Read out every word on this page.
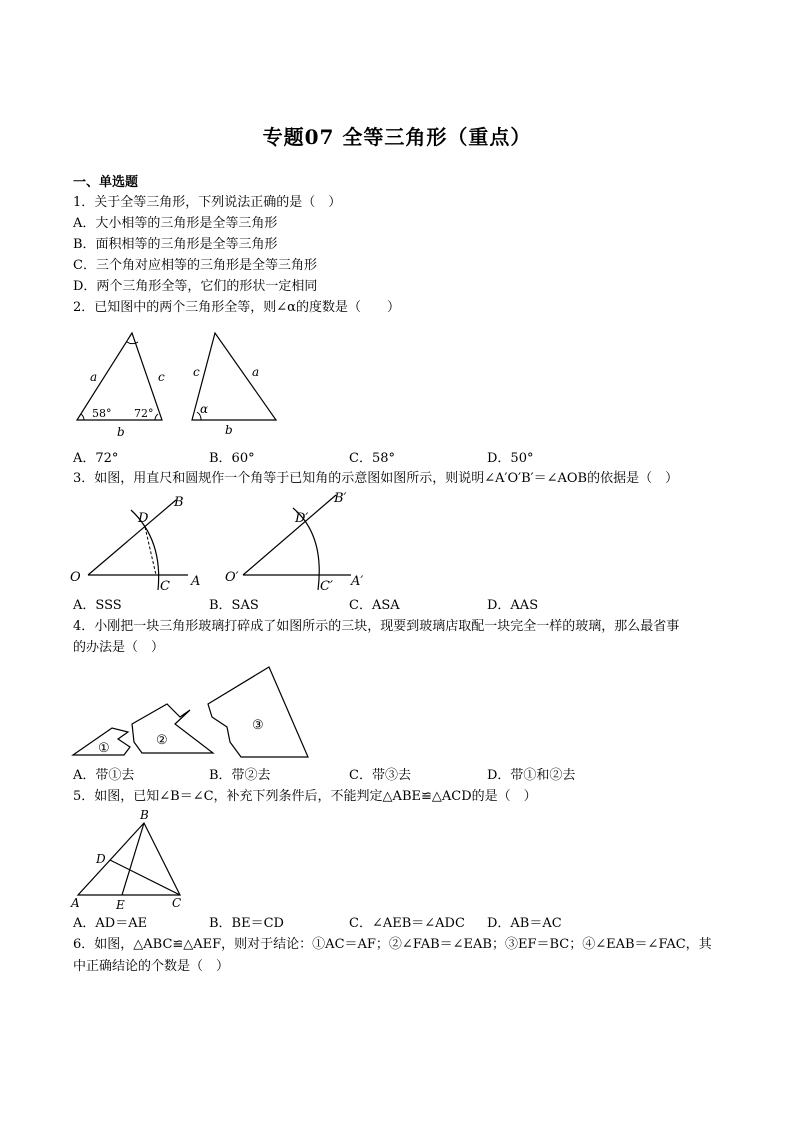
专题07 全等三角形（重点）
一、单选题
1．关于全等三角形，下列说法正确的是（　）
A．大小相等的三角形是全等三角形
B．面积相等的三角形是全等三角形
C．三个角对应相等的三角形是全等三角形
D．两个三角形全等，它们的形状一定相同
2．已知图中的两个三角形全等，则∠α的度数是（　　）
a	c
b
58° 72°
c	a
b
α
A．72°	B．60°	C．58°	D．50°
3．如图，用直尺和圆规作一个角等于已知角的示意图如图所示，则说明∠A′O′B′＝∠AOB的依据是（　）
O	A
B
C
D
O′	A′
B′
C′
D′
A．SSS	B．SAS	C．ASA	D．AAS
4．小刚把一块三角形玻璃打碎成了如图所示的三块，现要到玻璃店取配一块完全一样的玻璃，那么最省事
的办法是（　）
①
②
③
A．带①去	B．带②去	C．带③去	D．带①和②去
5．如图，已知∠B＝∠C，补充下列条件后，不能判定△ABE≌△ACD的是（　）
B
D
A	E	C
A．AD＝AE	B．BE＝CD	C．∠AEB＝∠ADC D．AB＝AC
6．如图，△ABC≌△AEF，则对于结论：①AC＝AF；②∠FAB＝∠EAB；③EF＝BC；④∠EAB＝∠FAC，其
中正确结论的个数是（　）
